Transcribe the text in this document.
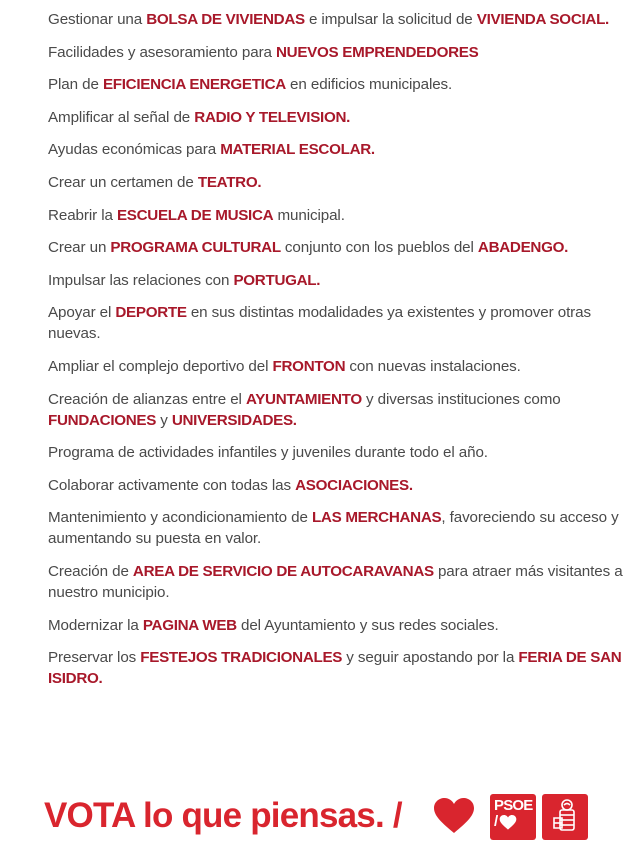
Gestionar una BOLSA DE VIVIENDAS e impulsar la solicitud de VIVIENDA SOCIAL.
Facilidades y asesoramiento para NUEVOS EMPRENDEDORES
Plan de EFICIENCIA ENERGETICA en edificios municipales.
Amplificar al señal de RADIO Y TELEVISION.
Ayudas económicas para MATERIAL ESCOLAR.
Crear un certamen de TEATRO.
Reabrir la ESCUELA DE MUSICA municipal.
Crear un PROGRAMA CULTURAL conjunto con los pueblos del ABADENGO.
Impulsar las relaciones con PORTUGAL.
Apoyar el DEPORTE en sus distintas modalidades ya existentes y promover otras nuevas.
Ampliar el complejo deportivo del FRONTON con nuevas instalaciones.
Creación de alianzas entre el AYUNTAMIENTO y diversas instituciones como FUNDACIONES y UNIVERSIDADES.
Programa de actividades infantiles y juveniles durante todo el año.
Colaborar activamente con todas las ASOCIACIONES.
Mantenimiento y acondicionamiento de LAS MERCHANAS, favoreciendo su acceso y aumentando su puesta en valor.
Creación de AREA DE SERVICIO DE AUTOCARAVANAS para atraer más visitantes a nuestro municipio.
Modernizar la PAGINA WEB del Ayuntamiento y sus redes sociales.
Preservar los FESTEJOS TRADICIONALES y seguir apostando por la FERIA DE SAN ISIDRO.
VOTA lo que piensas. /	PSOE
/
